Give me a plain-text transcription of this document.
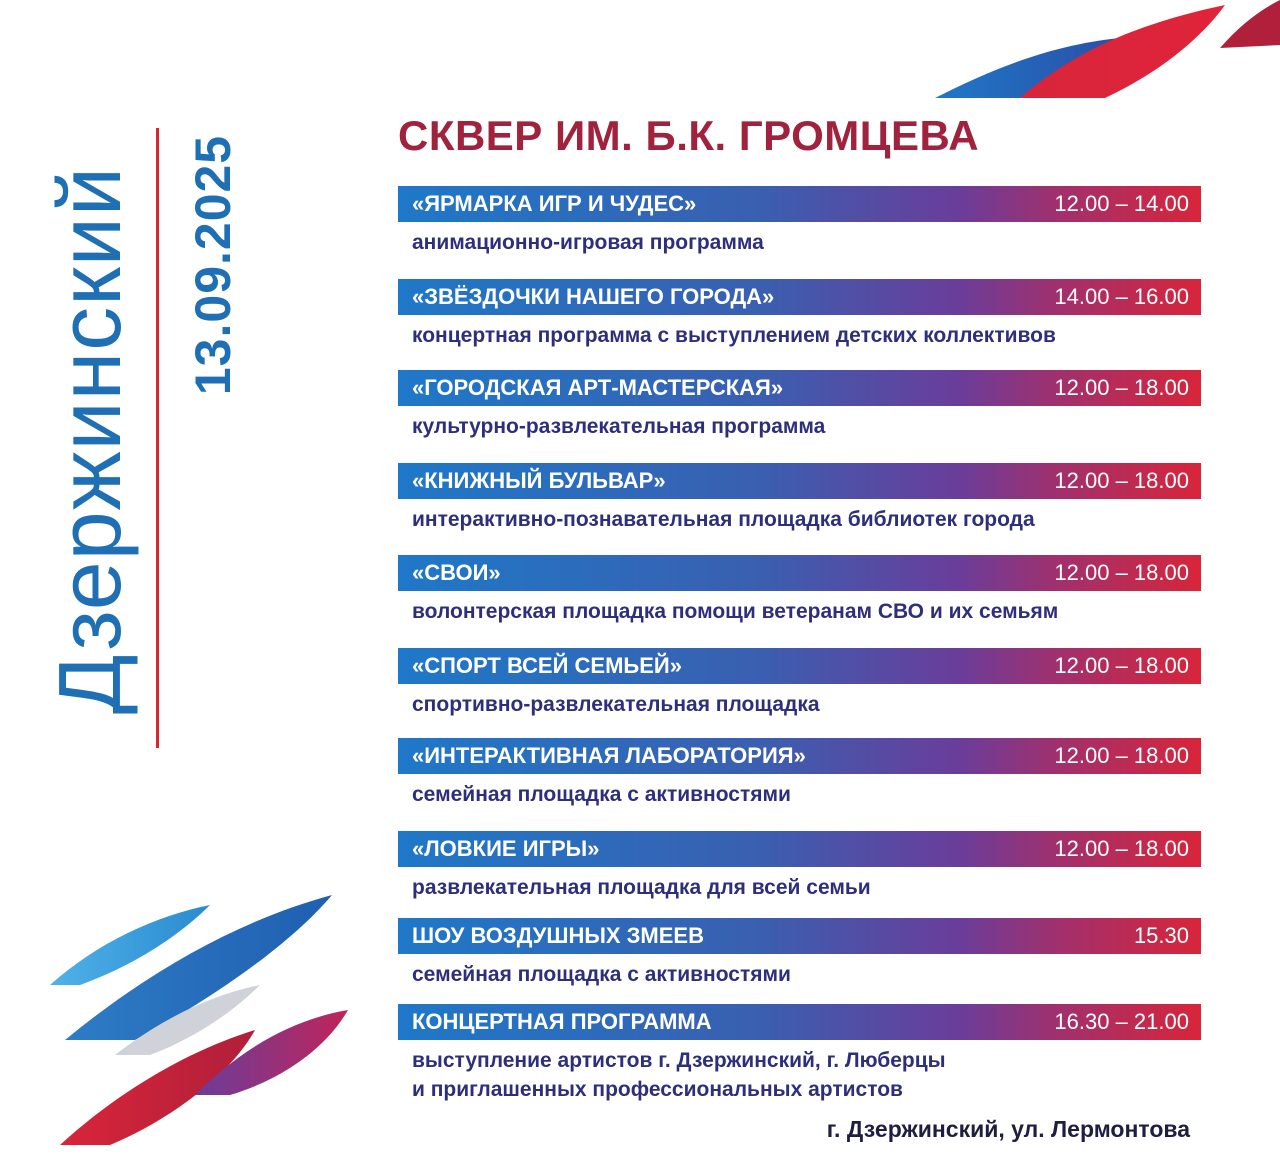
Дзержинский 13.09.2025	СКВЕР ИМ. Б.К. ГРОМЦЕВА
«ЯРМАРКА ИГР И ЧУДЕС»	12.00 – 14.00
анимационно-игровая программа
«ЗВЁЗДОЧКИ НАШЕГО ГОРОДА»	14.00 – 16.00
концертная программа с выступлением детских коллективов
«ГОРОДСКАЯ АРТ-МАСТЕРСКАЯ»	12.00 – 18.00
культурно-развлекательная программа
«КНИЖНЫЙ БУЛЬВАР»	12.00 – 18.00
интерактивно-познавательная площадка библиотек города
«СВОИ»	12.00 – 18.00
волонтерская площадка помощи ветеранам СВО и их семьям
«СПОРТ ВСЕЙ СЕМЬЕЙ»	12.00 – 18.00
спортивно-развлекательная площадка
«ИНТЕРАКТИВНАЯ ЛАБОРАТОРИЯ»	12.00 – 18.00
семейная площадка с активностями
«ЛОВКИЕ ИГРЫ»	12.00 – 18.00
развлекательная площадка для всей семьи
ШОУ ВОЗДУШНЫХ ЗМЕЕВ	15.30
семейная площадка с активностями
КОНЦЕРТНАЯ ПРОГРАММА	16.30 – 21.00
выступление артистов г. Дзержинский, г. Люберцы
и приглашенных профессиональных артистов
г. Дзержинский, ул. Лермонтова
